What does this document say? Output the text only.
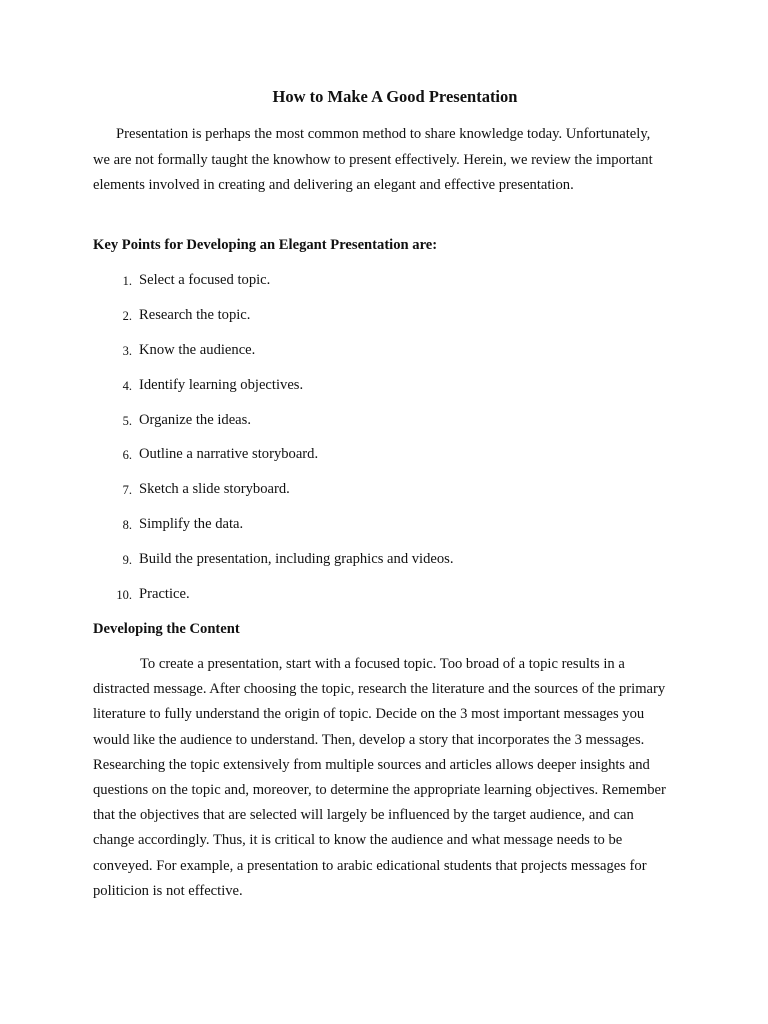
How to Make A Good Presentation

Presentation is perhaps the most common method to share knowledge today. Unfortunately, we are not formally taught the knowhow to present effectively. Herein, we review the important elements involved in creating and delivering an elegant and effective presentation.

Key Points for Developing an Elegant Presentation are:

1. Select a focused topic.
2. Research the topic.
3. Know the audience.
4. Identify learning objectives.
5. Organize the ideas.
6. Outline a narrative storyboard.
7. Sketch a slide storyboard.
8. Simplify the data.
9. Build the presentation, including graphics and videos.
10. Practice.

Developing the Content

To create a presentation, start with a focused topic. Too broad of a topic results in a distracted message. After choosing the topic, research the literature and the sources of the primary literature to fully understand the origin of topic. Decide on the 3 most important messages you would like the audience to understand. Then, develop a story that incorporates the 3 messages. Researching the topic extensively from multiple sources and articles allows deeper insights and questions on the topic and, moreover, to determine the appropriate learning objectives. Remember that the objectives that are selected will largely be influenced by the target audience, and can change accordingly. Thus, it is critical to know the audience and what message needs to be conveyed. For example, a presentation to arabic edicational students that projects messages for politicion is not effective.
